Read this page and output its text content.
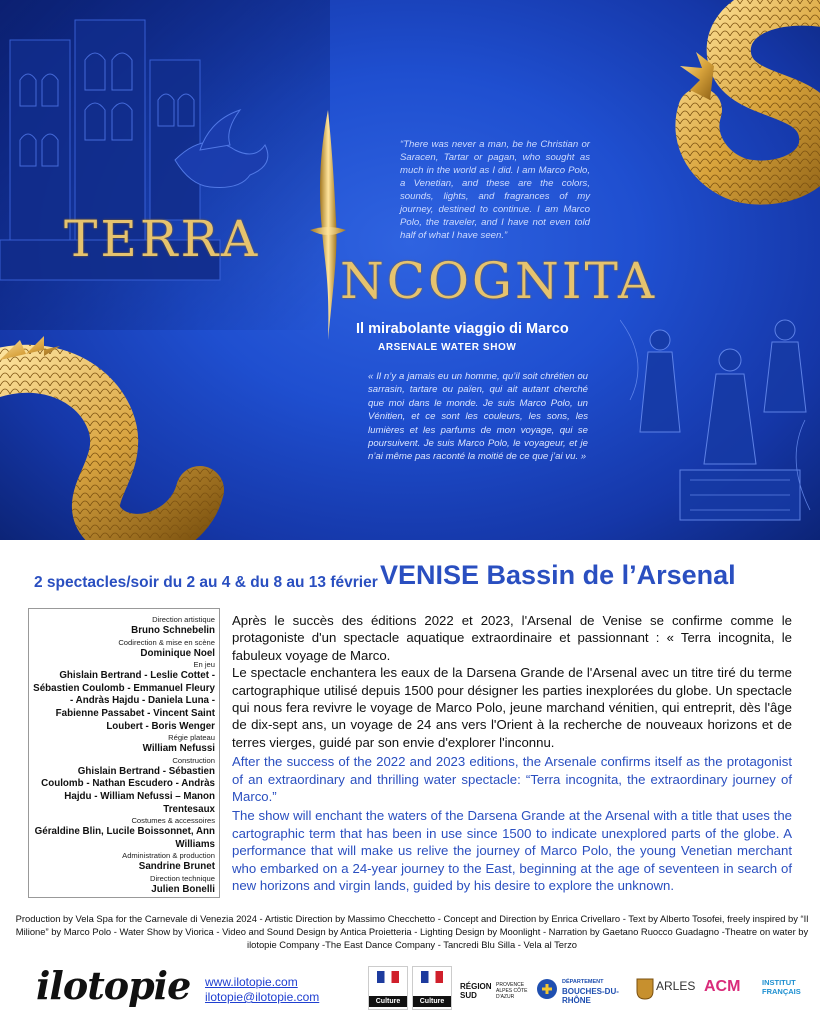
TERRA
NCOGNITA
“There was never a man, be he Christian or Saracen, Tartar or pagan, who sought as much in the world as I did. I am Marco Polo, a Venetian, and these are the colors, sounds, lights, and fragrances of my journey, destined to continue. I am Marco Polo, the traveler, and I have not even told half of what I have seen.”
Il mirabolante viaggio di Marco
ARSENALE WATER SHOW
« Il n’y a jamais eu un homme, qu’il soit chrétien ou sarrasin, tartare ou païen, qui ait autant cherché que moi dans le monde. Je suis Marco Polo, un Vénitien, et ce sont les couleurs, les sons, les lumières et les parfums de mon voyage, qui se poursuivent. Je suis Marco Polo, le voyageur, et je n’ai même pas raconté la moitié de ce que j’ai vu. »
2 spectacles/soir du 2 au 4 & du 8 au 13 février VENISE Bassin de l’Arsenal
Direction artistique
Bruno Schnebelin
Codirection & mise en scène
Dominique Noel
En jeu
Ghislain Bertrand - Leslie Cottet - Sébastien Coulomb - Emmanuel Fleury - Andràs Hajdu - Daniela Luna - Fabienne Passabet - Vincent Saint Loubert - Boris Wenger
Régie plateau
William Nefussi
Construction
Ghislain Bertrand - Sébastien Coulomb - Nathan Escudero - Andràs Hajdu - William Nefussi – Manon Trentesaux
Costumes & accessoires
Géraldine Blin, Lucile Boissonnet, Ann Williams
Administration & production
Sandrine Brunet
Direction technique
Julien Bonelli

Après le succès des éditions 2022 et 2023, l'Arsenal de Venise se confirme comme le protagoniste d'un spectacle aquatique extraordinaire et passionnant : « Terra incognita, le fabuleux voyage de Marco.

Le spectacle enchantera les eaux de la Darsena Grande de l'Arsenal avec un titre tiré du terme cartographique utilisé depuis 1500 pour désigner les parties inexplorées du globe. Un spectacle qui nous fera revivre le voyage de Marco Polo, jeune marchand vénitien, qui entreprit, dès l'âge de dix-sept ans, un voyage de 24 ans vers l'Orient à la recherche de nouveaux horizons et de terres vierges, guidé par son envie d'explorer l'inconnu.

After the success of the 2022 and 2023 editions, the Arsenale confirms itself as the protagonist of an extraordinary and thrilling water spectacle: “Terra incognita, the extraordinary journey of Marco.”

The show will enchant the waters of the Darsena Grande at the Arsenal with a title that uses the cartographic term that has been in use since 1500 to indicate unexplored parts of the globe. A performance that will make us relive the journey of Marco Polo, the young Venetian merchant who embarked on a 24-year journey to the East, beginning at the age of seventeen in search of new horizons and virgin lands, guided by his desire to explore the unknown.

Production by Vela Spa for the Carnevale di Venezia 2024 - Artistic Direction by Massimo Checchetto - Concept and Direction by Enrica Crivellaro - Text by Alberto Tosofei, freely inspired by “Il Milione” by Marco Polo - Water Show by Viorica - Video and Sound Design by Antica Proietteria - Lighting Design by Moonlight - Narration by Gaetano Ruocco Guadagno -Theatre on water by ilotopie Company -The East Dance Company - Tancredi Blu Silla - Vela al Terzo
ilotopie www.ilotopie.com
ilotopie@ilotopie.com	Culture	Culture
RÉGION SUD
PROVENCE ALPES CÔTE D'AZUR
DÉPARTEMENT
BOUCHES-DU-RHÔNE
ARLES ACM	INSTITUT FRANÇAIS
